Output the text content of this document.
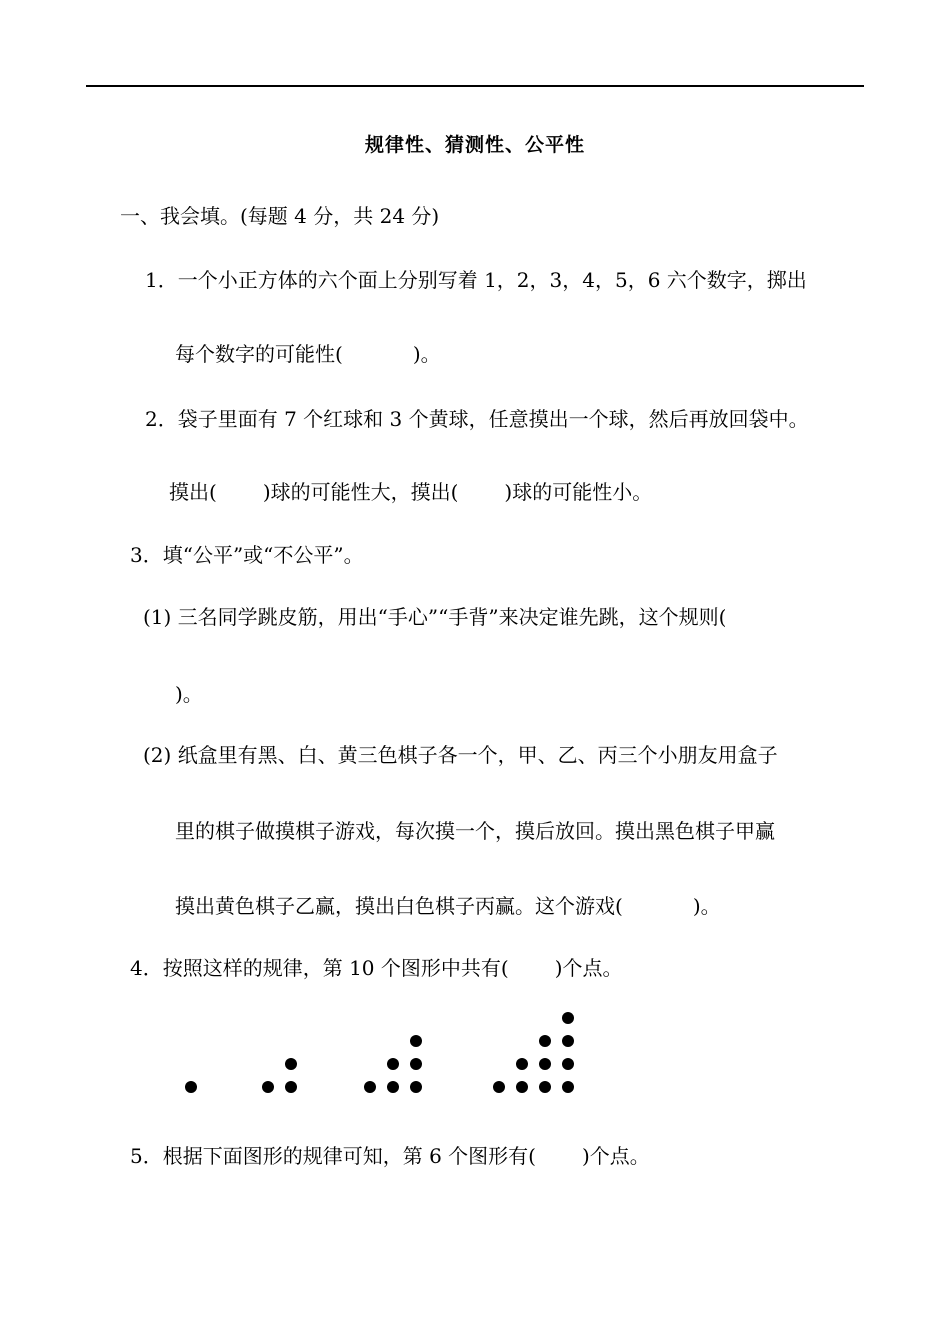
规律性、猜测性、公平性
一、我会填。(每题 4 分，共 24 分)
1．一个小正方体的六个面上分别写着 1，2，3，4，5，6 六个数字，掷出
每个数字的可能性(	)。
2．袋子里面有 7 个红球和 3 个黄球，任意摸出一个球，然后再放回袋中。
摸出( )球的可能性大，摸出( )球的可能性小。
3．填“公平”或“不公平”。
(1) 三名同学跳皮筋，用出“手心”“手背”来决定谁先跳，这个规则(
)。
(2) 纸盒里有黑、白、黄三色棋子各一个，甲、乙、丙三个小朋友用盒子
里的棋子做摸棋子游戏，每次摸一个，摸后放回。摸出黑色棋子甲赢
摸出黄色棋子乙赢，摸出白色棋子丙赢。这个游戏(	)。
4．按照这样的规律，第 10 个图形中共有( )个点。
5．根据下面图形的规律可知，第 6 个图形有( )个点。
